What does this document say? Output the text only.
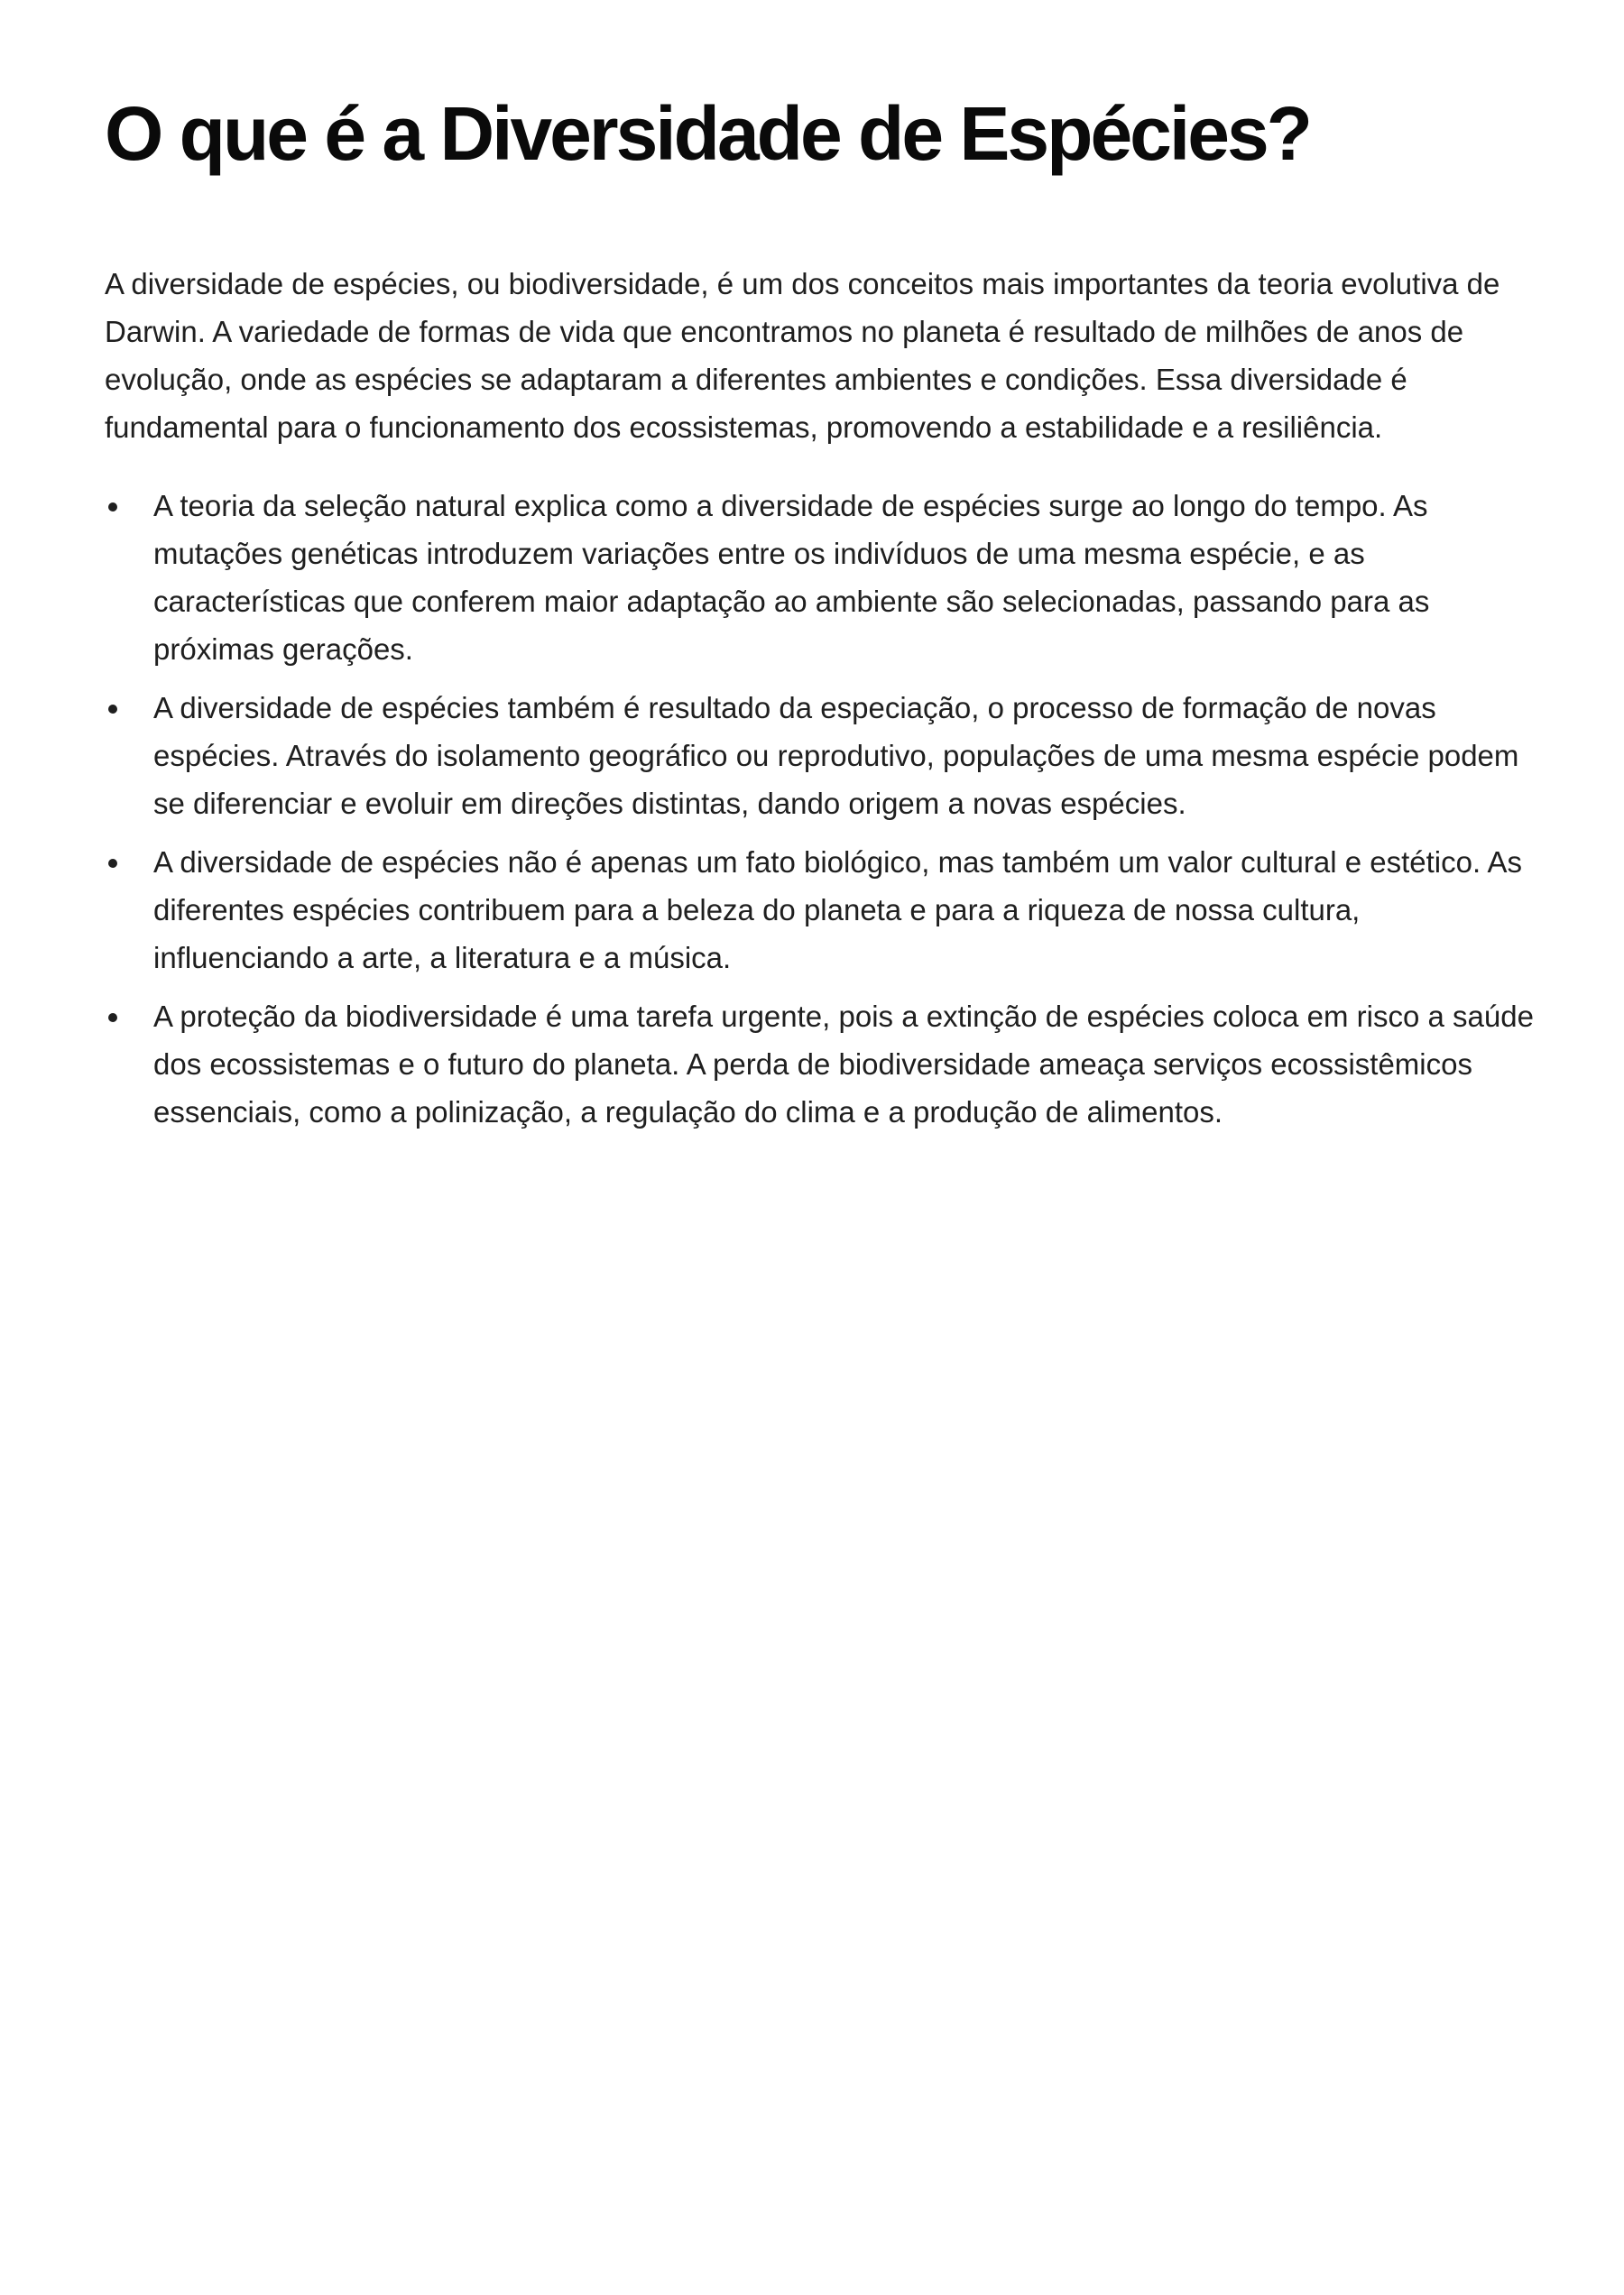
O que é a Diversidade de Espécies?

A diversidade de espécies, ou biodiversidade, é um dos conceitos mais importantes da teoria evolutiva de Darwin. A variedade de formas de vida que encontramos no planeta é resultado de milhões de anos de evolução, onde as espécies se adaptaram a diferentes ambientes e condições. Essa diversidade é fundamental para o funcionamento dos ecossistemas, promovendo a estabilidade e a resiliência.

A teoria da seleção natural explica como a diversidade de espécies surge ao longo do tempo. As mutações genéticas introduzem variações entre os indivíduos de uma mesma espécie, e as características que conferem maior adaptação ao ambiente são selecionadas, passando para as próximas gerações.
A diversidade de espécies também é resultado da especiação, o processo de formação de novas espécies. Através do isolamento geográfico ou reprodutivo, populações de uma mesma espécie podem se diferenciar e evoluir em direções distintas, dando origem a novas espécies.
A diversidade de espécies não é apenas um fato biológico, mas também um valor cultural e estético. As diferentes espécies contribuem para a beleza do planeta e para a riqueza de nossa cultura, influenciando a arte, a literatura e a música.
A proteção da biodiversidade é uma tarefa urgente, pois a extinção de espécies coloca em risco a saúde dos ecossistemas e o futuro do planeta. A perda de biodiversidade ameaça serviços ecossistêmicos essenciais, como a polinização, a regulação do clima e a produção de alimentos.
